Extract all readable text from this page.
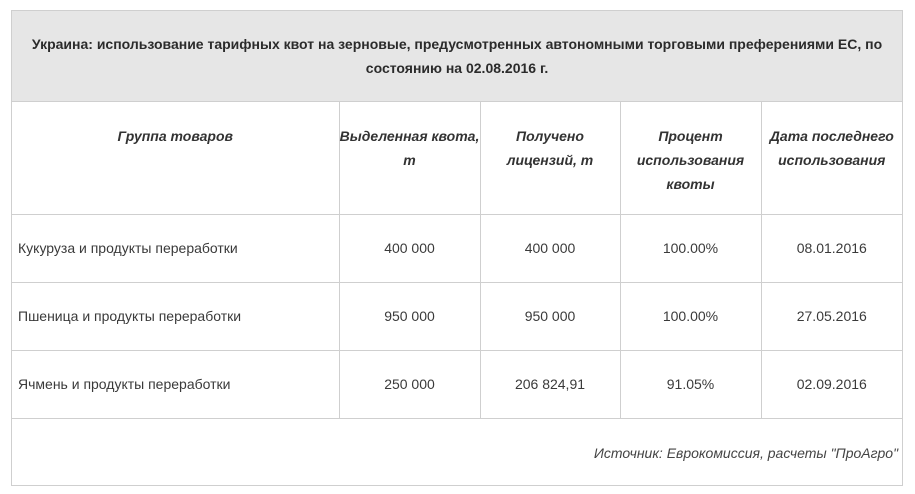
Украина: использование тарифных квот на зерновые, предусмотренных автономными торговыми преферениями ЕС, по состоянию на 02.08.2016 г.				
Группа товаров	Выделенная квота, т	Получено лицензий, т	Процент использования квоты	Дата последнего использования
Кукуруза и продукты переработки	400 000	400 000	100.00%	08.01.2016
Пшеница и продукты переработки	950 000	950 000	100.00%	27.05.2016
Ячмень и продукты переработки	250 000	206 824,91	91.05%	02.09.2016
Источник: Еврокомиссия, расчеты "ПроАгро"				
